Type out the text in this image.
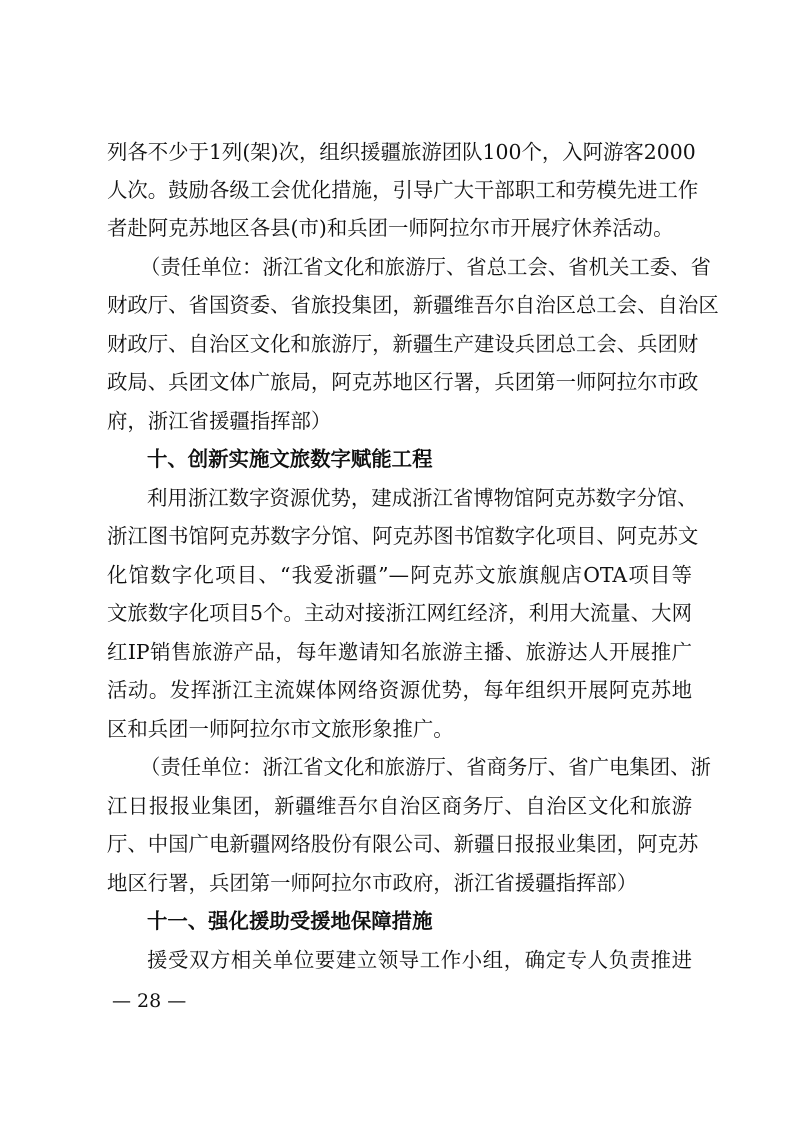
列各不少于1列(架)次，组织援疆旅游团队100个，入阿游客2000
人次。鼓励各级工会优化措施，引导广大干部职工和劳模先进工作
者赴阿克苏地区各县(市)和兵团一师阿拉尔市开展疗休养活动。
（责任单位：浙江省文化和旅游厅、省总工会、省机关工委、省
财政厅、省国资委、省旅投集团，新疆维吾尔自治区总工会、自治区
财政厅、自治区文化和旅游厅，新疆生产建设兵团总工会、兵团财
政局、兵团文体广旅局，阿克苏地区行署，兵团第一师阿拉尔市政
府，浙江省援疆指挥部）
十、创新实施文旅数字赋能工程
利用浙江数字资源优势，建成浙江省博物馆阿克苏数字分馆、
浙江图书馆阿克苏数字分馆、阿克苏图书馆数字化项目、阿克苏文
化馆数字化项目、“我爱浙疆”—阿克苏文旅旗舰店OTA项目等
文旅数字化项目5个。主动对接浙江网红经济，利用大流量、大网
红IP销售旅游产品，每年邀请知名旅游主播、旅游达人开展推广
活动。发挥浙江主流媒体网络资源优势，每年组织开展阿克苏地
区和兵团一师阿拉尔市文旅形象推广。
（责任单位：浙江省文化和旅游厅、省商务厅、省广电集团、浙
江日报报业集团，新疆维吾尔自治区商务厅、自治区文化和旅游
厅、中国广电新疆网络股份有限公司、新疆日报报业集团，阿克苏
地区行署，兵团第一师阿拉尔市政府，浙江省援疆指挥部）
十一、强化援助受援地保障措施
援受双方相关单位要建立领导工作小组，确定专人负责推进
— 28 —
